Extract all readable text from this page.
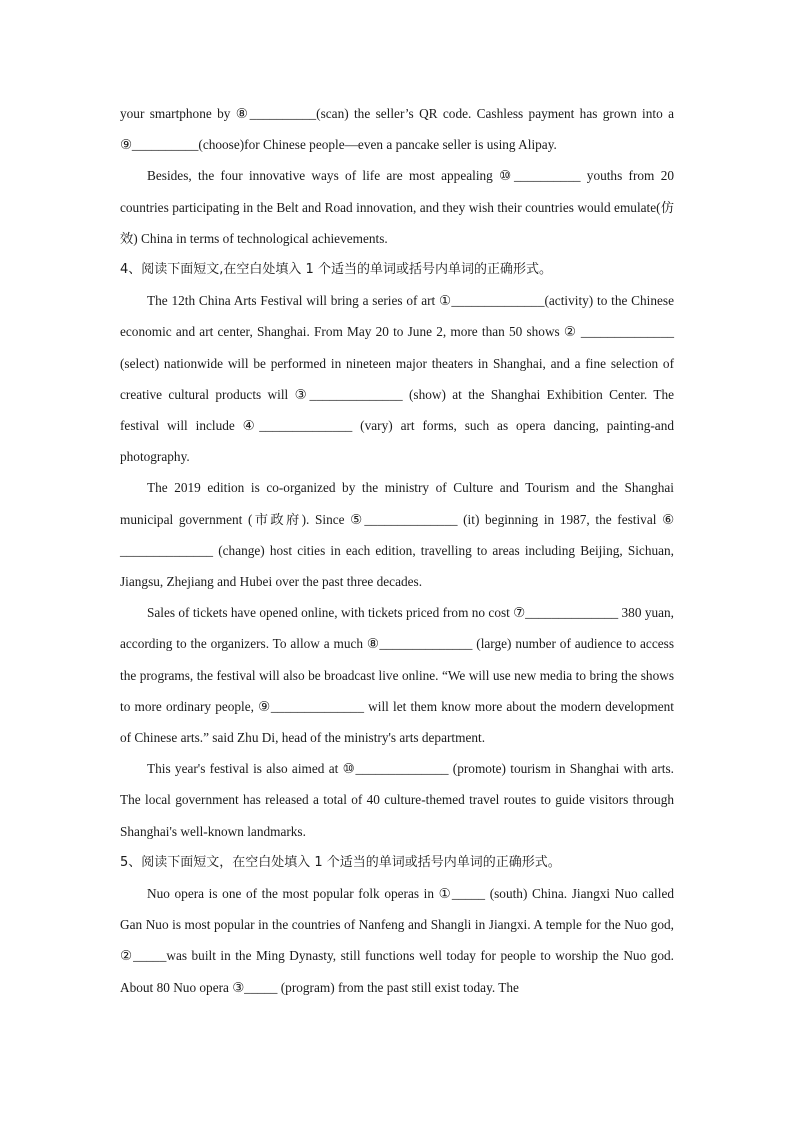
your smartphone by ⑧__________(scan) the seller’s QR code. Cashless payment has grown into a ⑨__________(choose)for Chinese people—even a pancake seller is using Alipay.

Besides, the four innovative ways of life are most appealing ⑩__________ youths from 20 countries participating in the Belt and Road innovation, and they wish their countries would emulate(仿效) China in terms of technological achievements.

4、阅读下面短文,在空白处填入 1 个适当的单词或括号内单词的正确形式。

The 12th China Arts Festival will bring a series of art ①______________(activity) to the Chinese economic and art center, Shanghai. From May 20 to June 2, more than 50 shows ② ______________ (select) nationwide will be performed in nineteen major theaters in Shanghai, and a fine selection of creative cultural products will ③______________ (show) at the Shanghai Exhibition Center. The festival will include ④______________ (vary) art forms, such as opera dancing, painting-and photography.

The 2019 edition is co-organized by the ministry of Culture and Tourism and the Shanghai municipal government (市政府). Since ⑤______________ (it) beginning in 1987, the festival ⑥ ______________ (change) host cities in each edition, travelling to areas including Beijing, Sichuan, Jiangsu, Zhejiang and Hubei over the past three decades.

Sales of tickets have opened online, with tickets priced from no cost ⑦______________ 380 yuan, according to the organizers. To allow a much ⑧______________ (large) number of audience to access the programs, the festival will also be broadcast live online. “We will use new media to bring the shows to more ordinary people, ⑨______________ will let them know more about the modern development of Chinese arts.” said Zhu Di, head of the ministry's arts department.

This year's festival is also aimed at ⑩______________ (promote) tourism in Shanghai with arts. The local government has released a total of 40 culture-themed travel routes to guide visitors through Shanghai's well-known landmarks.

5、阅读下面短文，在空白处填入 1 个适当的单词或括号内单词的正确形式。

Nuo opera is one of the most popular folk operas in ①_____ (south) China. Jiangxi Nuo called Gan Nuo is most popular in the countries of Nanfeng and Shangli in Jiangxi. A temple for the Nuo god, ②_____was built in the Ming Dynasty, still functions well today for people to worship the Nuo god. About 80 Nuo opera ③_____ (program) from the past still exist today. The
